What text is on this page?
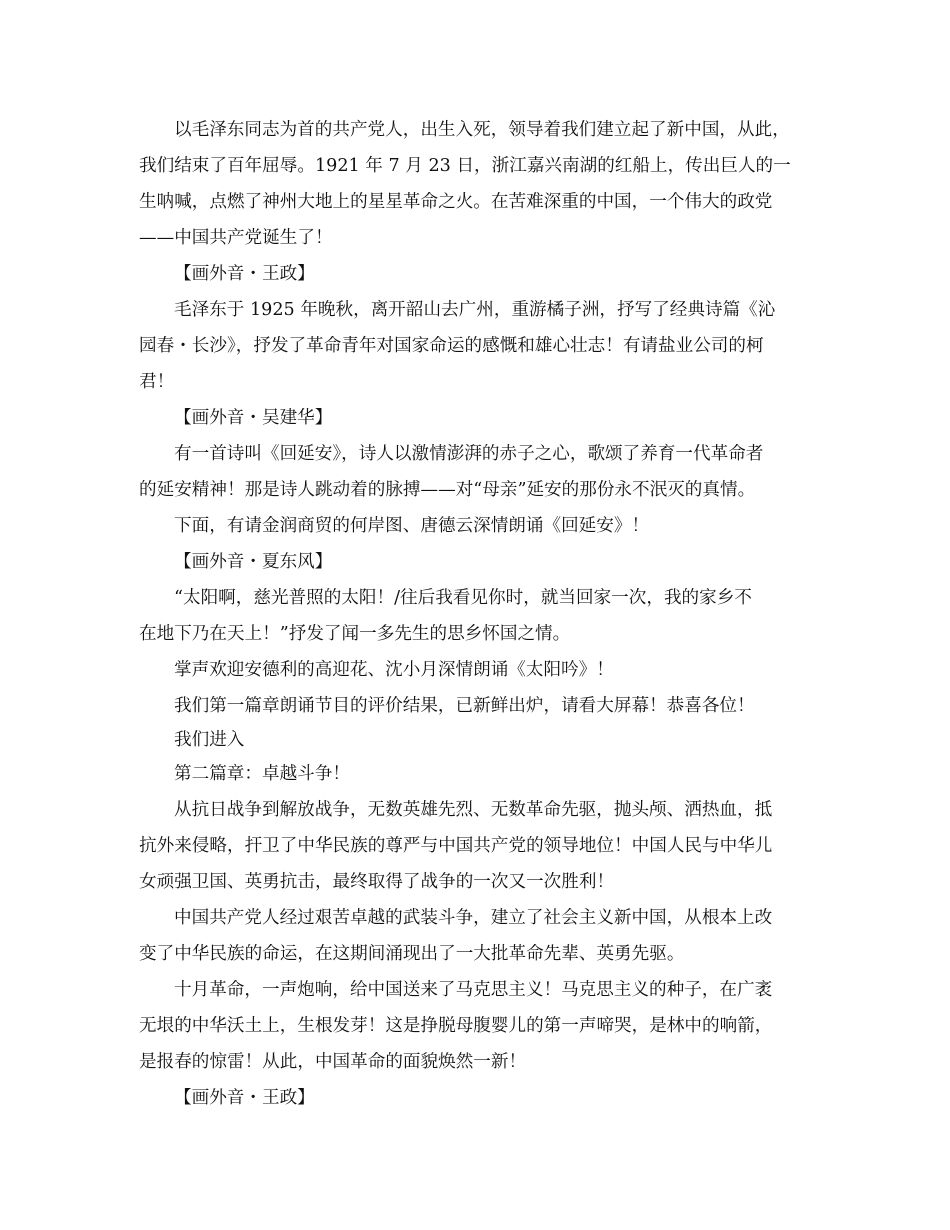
以毛泽东同志为首的共产党人，出生入死，领导着我们建立起了新中国，从此，
我们结束了百年屈辱。1921 年 7 月 23 日，浙江嘉兴南湖的红船上，传出巨人的一
生呐喊，点燃了神州大地上的星星革命之火。在苦难深重的中国，一个伟大的政党
——中国共产党诞生了！
【画外音・王政】
毛泽东于 1925 年晚秋，离开韶山去广州，重游橘子洲，抒写了经典诗篇《沁
园春・长沙》，抒发了革命青年对国家命运的感慨和雄心壮志！有请盐业公司的柯
君！
【画外音・吴建华】
有一首诗叫《回延安》，诗人以激情澎湃的赤子之心，歌颂了养育一代革命者
的延安精神！那是诗人跳动着的脉搏——对“母亲”延安的那份永不泯灭的真情。
下面，有请金润商贸的何岸图、唐德云深情朗诵《回延安》！
【画外音・夏东风】
“太阳啊，慈光普照的太阳！/往后我看见你时，就当回家一次，我的家乡不
在地下乃在天上！”抒发了闻一多先生的思乡怀国之情。
掌声欢迎安德利的高迎花、沈小月深情朗诵《太阳吟》！
我们第一篇章朗诵节目的评价结果，已新鲜出炉，请看大屏幕！恭喜各位！
我们进入
第二篇章：卓越斗争！
从抗日战争到解放战争，无数英雄先烈、无数革命先驱，抛头颅、洒热血，抵
抗外来侵略，扞卫了中华民族的尊严与中国共产党的领导地位！中国人民与中华儿
女顽强卫国、英勇抗击，最终取得了战争的一次又一次胜利！
中国共产党人经过艰苦卓越的武装斗争，建立了社会主义新中国，从根本上改
变了中华民族的命运，在这期间涌现出了一大批革命先辈、英勇先驱。
十月革命，一声炮响，给中国送来了马克思主义！马克思主义的种子，在广袤
无垠的中华沃土上，生根发芽！这是挣脱母腹婴儿的第一声啼哭，是林中的响箭，
是报春的惊雷！从此，中国革命的面貌焕然一新！
【画外音・王政】
